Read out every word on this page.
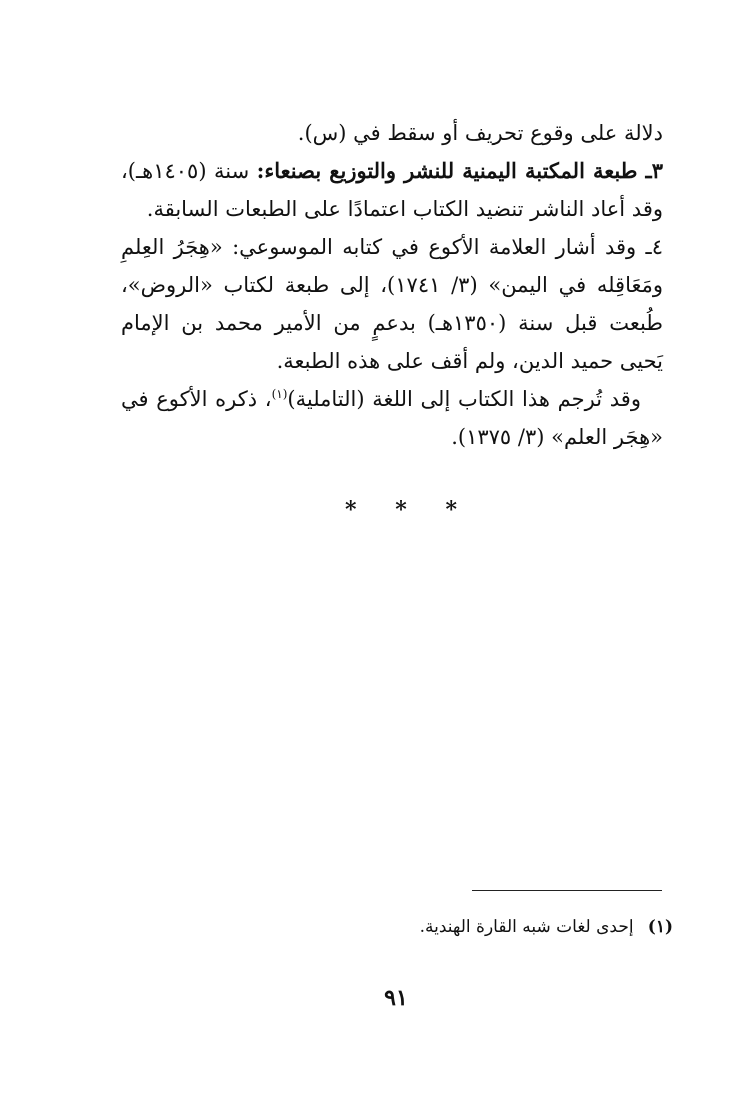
دلالة على وقوع تحريف أو سقط في (س).

٣ـ طبعة المكتبة اليمنية للنشر والتوزيع بصنعاء: سنة (١٤٠٥هـ)، وقد أعاد الناشر تنضيد الكتاب اعتمادًا على الطبعات السابقة.

٤ـ وقد أشار العلامة الأكوع في كتابه الموسوعي: «هِجَرُ العِلمِ ومَعَاقِله في اليمن» (٣/ ١٧٤١)، إلى طبعة لكتاب «الروض»، طُبعت قبل سنة (١٣٥٠هـ) بدعمٍ من الأمير محمد بن الإمام يَحيى حميد الدين، ولم أقف على هذه الطبعة.

وقد تُرجم هذا الكتاب إلى اللغة (التاملية)$^{(١)}$، ذكره الأكوع في «هِجَر العلم» (٣/ ١٣٧٥).

* * *
(١) إحدى لغات شبه القارة الهندية.
٩١
